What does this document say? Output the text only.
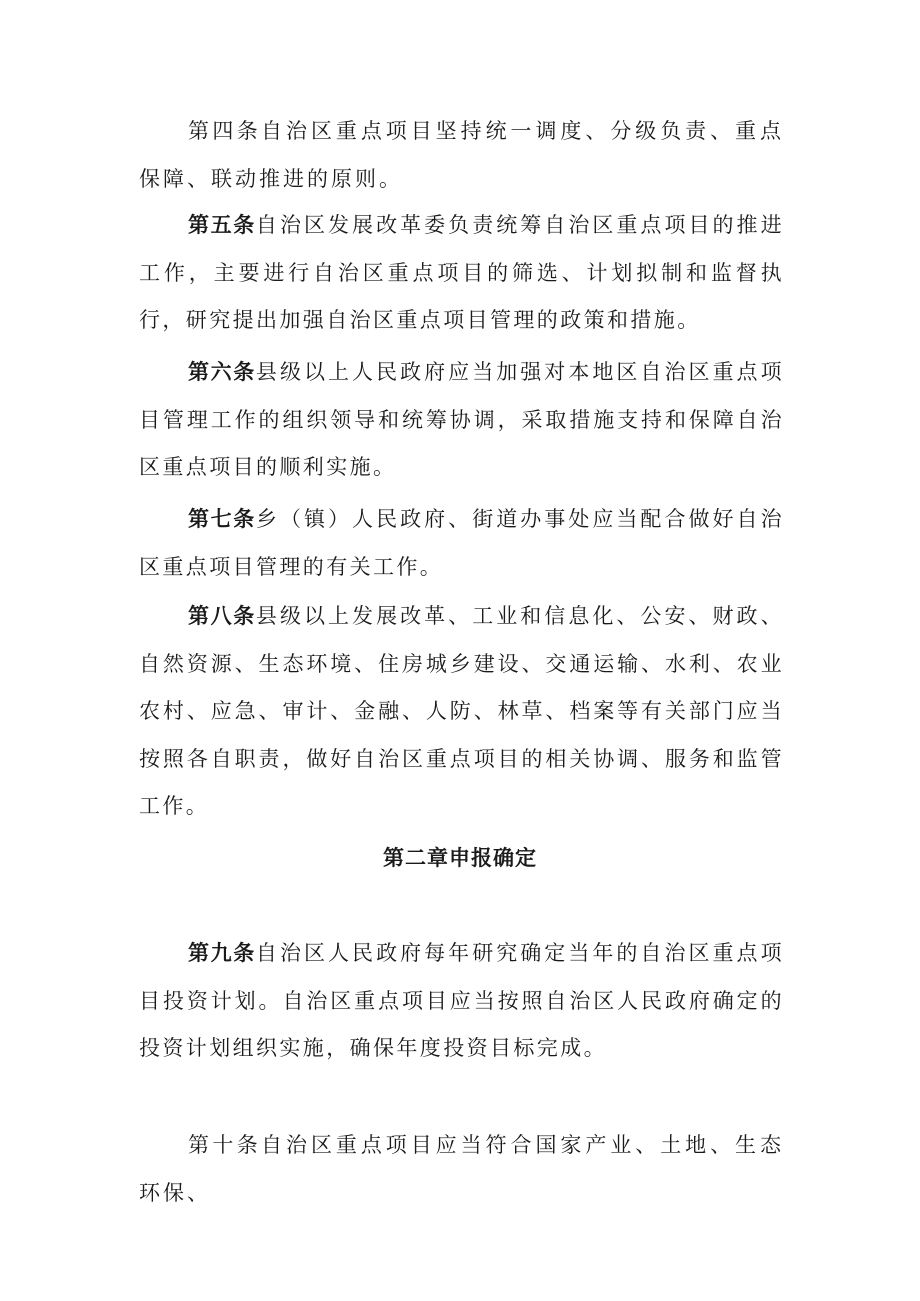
第四条自治区重点项目坚持统一调度、分级负责、重点保障、联动推进的原则。

第五条自治区发展改革委负责统筹自治区重点项目的推进工作，主要进行自治区重点项目的筛选、计划拟制和监督执行，研究提出加强自治区重点项目管理的政策和措施。

第六条县级以上人民政府应当加强对本地区自治区重点项目管理工作的组织领导和统筹协调，采取措施支持和保障自治区重点项目的顺利实施。

第七条乡（镇）人民政府、街道办事处应当配合做好自治区重点项目管理的有关工作。

第八条县级以上发展改革、工业和信息化、公安、财政、自然资源、生态环境、住房城乡建设、交通运输、水利、农业农村、应急、审计、金融、人防、林草、档案等有关部门应当按照各自职责，做好自治区重点项目的相关协调、服务和监管工作。

第二章申报确定

第九条自治区人民政府每年研究确定当年的自治区重点项目投资计划。自治区重点项目应当按照自治区人民政府确定的投资计划组织实施，确保年度投资目标完成。

第十条自治区重点项目应当符合国家产业、土地、生态环保、
